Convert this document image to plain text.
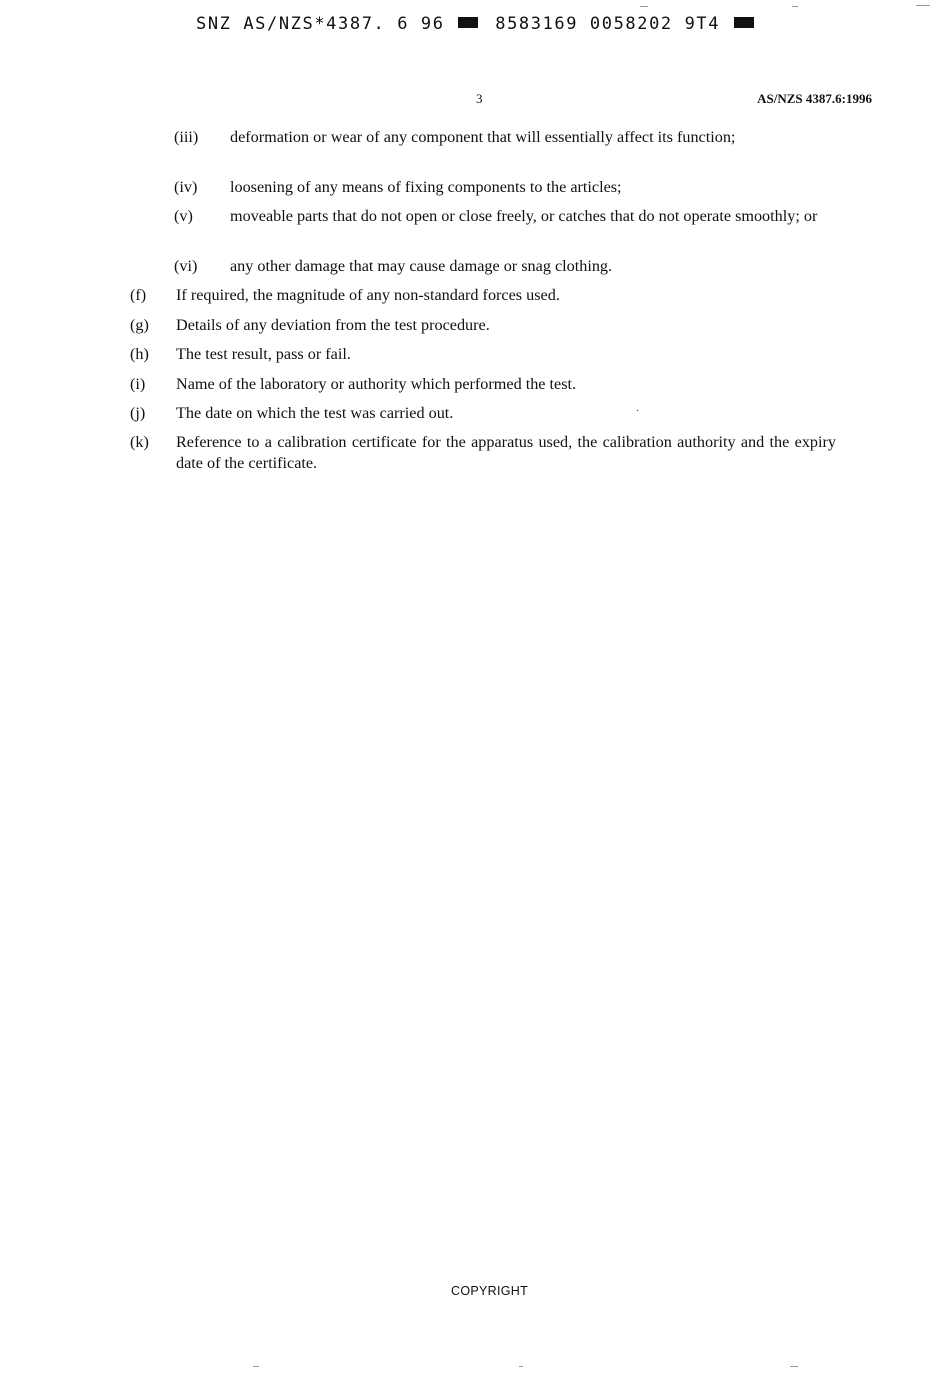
SNZ AS/NZS*4387. 6 96	8583169 0058202 9T4
3	AS/NZS 4387.6:1996
(iii) deformation or wear of any component that will essentially affect its function;
(iv) loosening of any means of fixing components to the articles;
(v) moveable parts that do not open or close freely, or catches that do not operate smoothly; or
(vi) any other damage that may cause damage or snag clothing.
(f) If required, the magnitude of any non-standard forces used.
(g) Details of any deviation from the test procedure.
(h) The test result, pass or fail.
(i) Name of the laboratory or authority which performed the test.
(j) The date on which the test was carried out.
(k) Reference to a calibration certificate for the apparatus used, the calibration authority and the expiry date of the certificate.
·
COPYRIGHT
